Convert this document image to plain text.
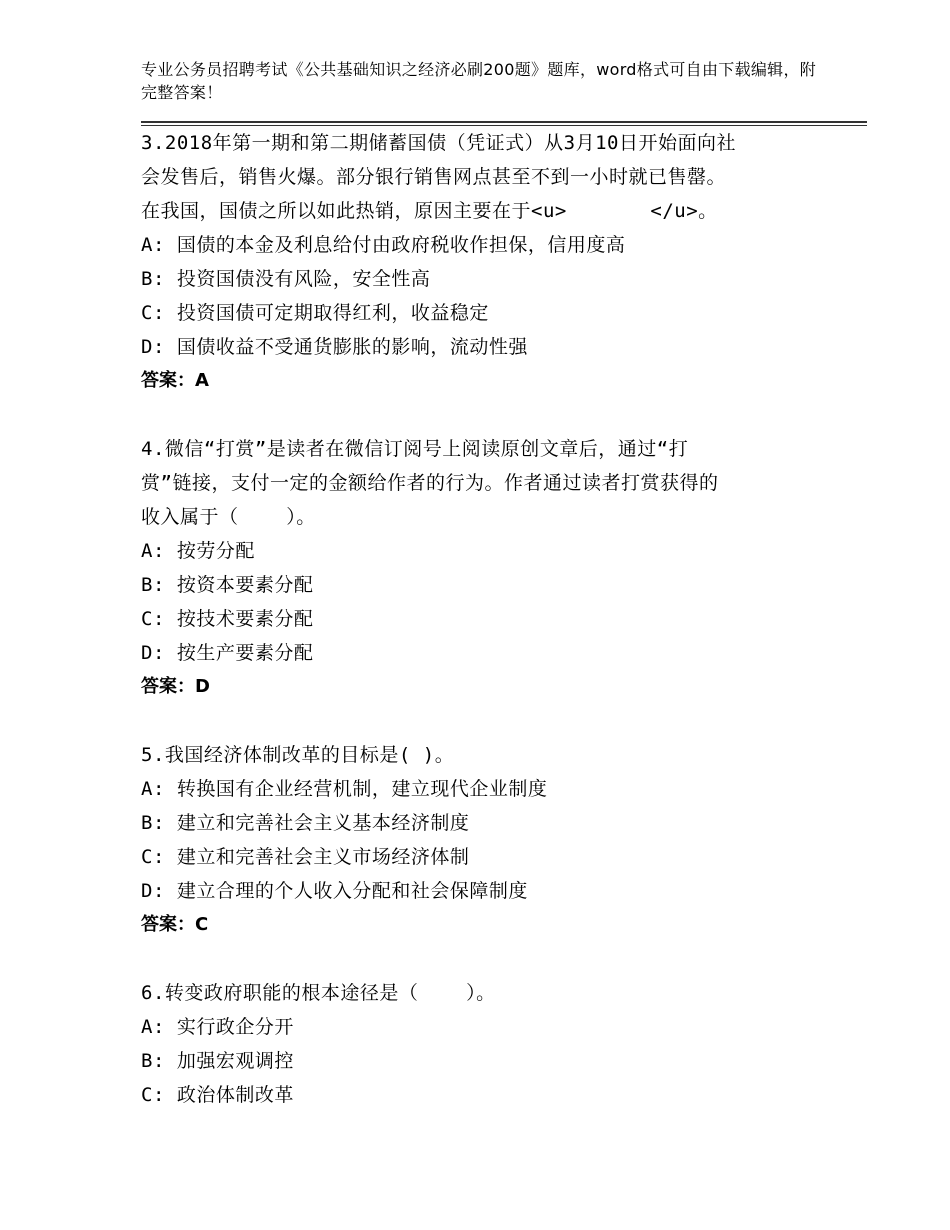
专业公务员招聘考试《公共基础知识之经济必刷200题》题库，word格式可自由下载编辑，附完整答案！
3.2018年第一期和第二期储蓄国债（凭证式）从3月10日开始面向社
会发售后，销售火爆。部分银行销售网点甚至不到一小时就已售罄。
在我国，国债之所以如此热销，原因主要在于<u>       </u>。
A: 国债的本金及利息给付由政府税收作担保，信用度高
B: 投资国债没有风险，安全性高
C: 投资国债可定期取得红利，收益稳定
D: 国债收益不受通货膨胀的影响，流动性强
答案：A
4.微信“打赏”是读者在微信订阅号上阅读原创文章后，通过“打
赏”链接，支付一定的金额给作者的行为。作者通过读者打赏获得的
收入属于（    ）。
A: 按劳分配
B: 按资本要素分配
C: 按技术要素分配
D: 按生产要素分配
答案：D
5.我国经济体制改革的目标是( )。
A: 转换国有企业经营机制，建立现代企业制度
B: 建立和完善社会主义基本经济制度
C: 建立和完善社会主义市场经济体制
D: 建立合理的个人收入分配和社会保障制度
答案：C
6.转变政府职能的根本途径是（    ）。
A: 实行政企分开
B: 加强宏观调控
C: 政治体制改革
